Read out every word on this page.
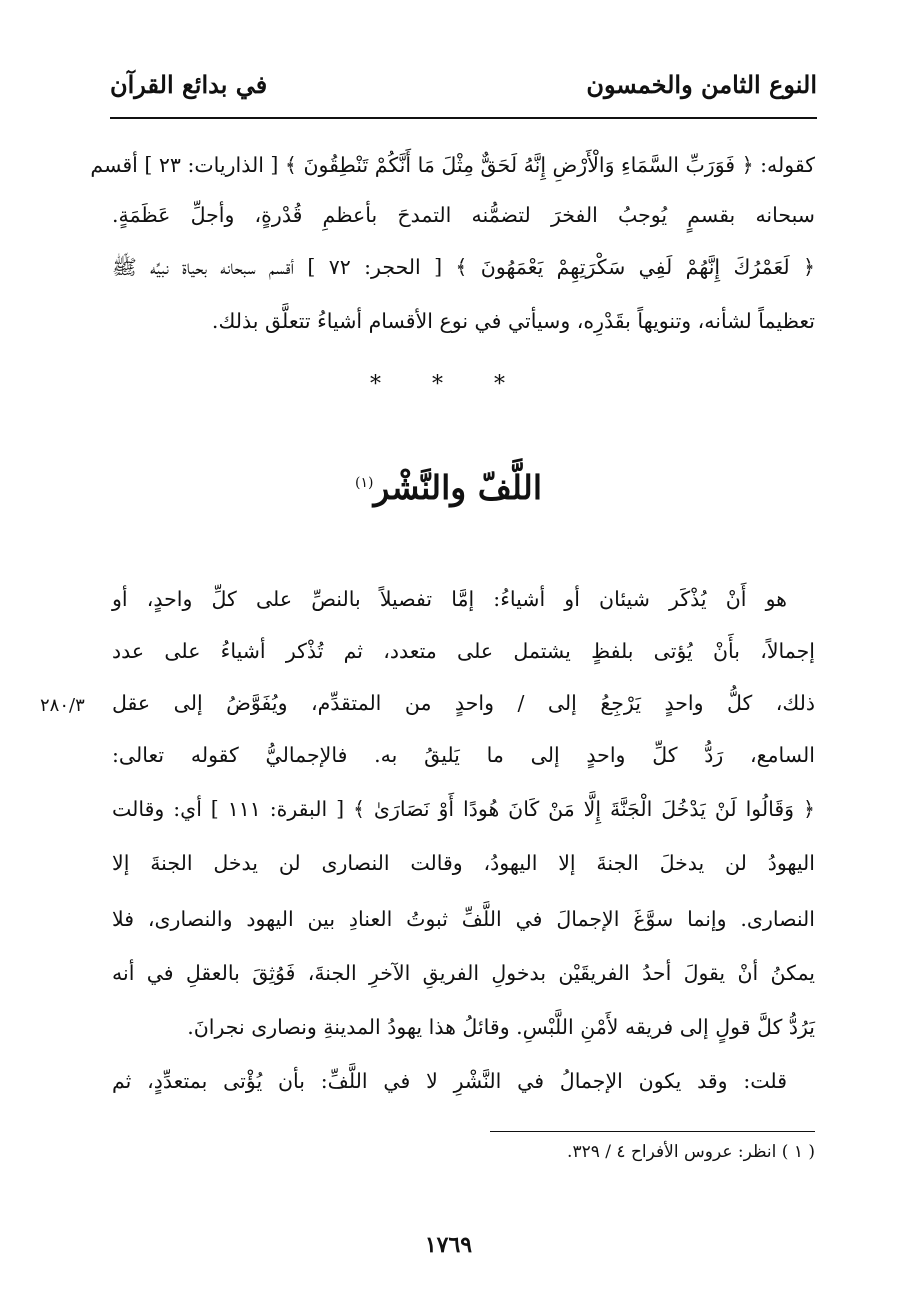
النوع الثامن والخمسون
في بدائع القرآن
كقوله: ﴿ فَوَرَبِّ السَّمَاءِ وَالْأَرْضِ إِنَّهُ لَحَقٌّ مِثْلَ مَا أَنَّكُمْ تَنْطِقُونَ ﴾ [ الذاريات: ٢٣ ] أقسم
سبحانه بقسمٍ يُوجبُ الفخرَ لتضمُّنه التمدحَ بأعظمِ قُدْرةٍ، وأجلِّ عَظَمَةٍ.
﴿ لَعَمْرُكَ إِنَّهُمْ لَفِي سَكْرَتِهِمْ يَعْمَهُونَ ﴾ [ الحجر: ٧٢ ] أقسم سبحانه بحياة نبيِّه ﷺ
تعظيماً لشأنه، وتنويهاً بقَدْرِه، وسيأتي في نوع الأقسام أشياءُ تتعلَّق بذلك.
* * *
اللَّفّ والنَّشْر$^{(١)}$
هو أَنْ يُذْكَر شيئان أو أشياءُ: إمَّا تفصيلاً بالنصِّ على كلِّ واحدٍ، أو
إجمالاً، بأَنْ يُؤتى بلفظٍ يشتمل على متعدد، ثم تُذْكر أشياءُ على عدد
ذلك، كلُّ واحدٍ يَرْجِعُ إلى / واحدٍ من المتقدِّم، ويُفَوَّضُ إلى عقل
السامع، رَدُّ كلِّ واحدٍ إلى ما يَليقُ به. فالإجماليُّ كقوله تعالى:
﴿ وَقَالُوا لَنْ يَدْخُلَ الْجَنَّةَ إِلَّا مَنْ كَانَ هُودًا أَوْ نَصَارَىٰ ﴾ [ البقرة: ١١١ ] أي: وقالت
اليهودُ لن يدخلَ الجنةَ إلا اليهودُ، وقالت النصارى لن يدخل الجنةَ إلا
النصارى. وإنما سوَّغَ الإجمالَ في اللَّفِّ ثبوتُ العنادِ بين اليهود والنصارى، فلا
يمكنُ أنْ يقولَ أحدُ الفريقَيْن بدخولِ الفريقِ الآخرِ الجنةَ، فَوُثِقَ بالعقلِ في أنه
يَرُدُّ كلَّ قولٍ إلى فريقه لأَمْنِ اللَّبْسِ. وقائلُ هذا يهودُ المدينةِ ونصارى نجرانَ.
قلت: وقد يكون الإجمالُ في النَّشْرِ لا في اللَّفِّ: بأن يُؤْتى بمتعدِّدٍ، ثم
٢٨٠/٣
( ١ ) انظر: عروس الأفراح ٤ / ٣٢٩.
١٧٦٩
